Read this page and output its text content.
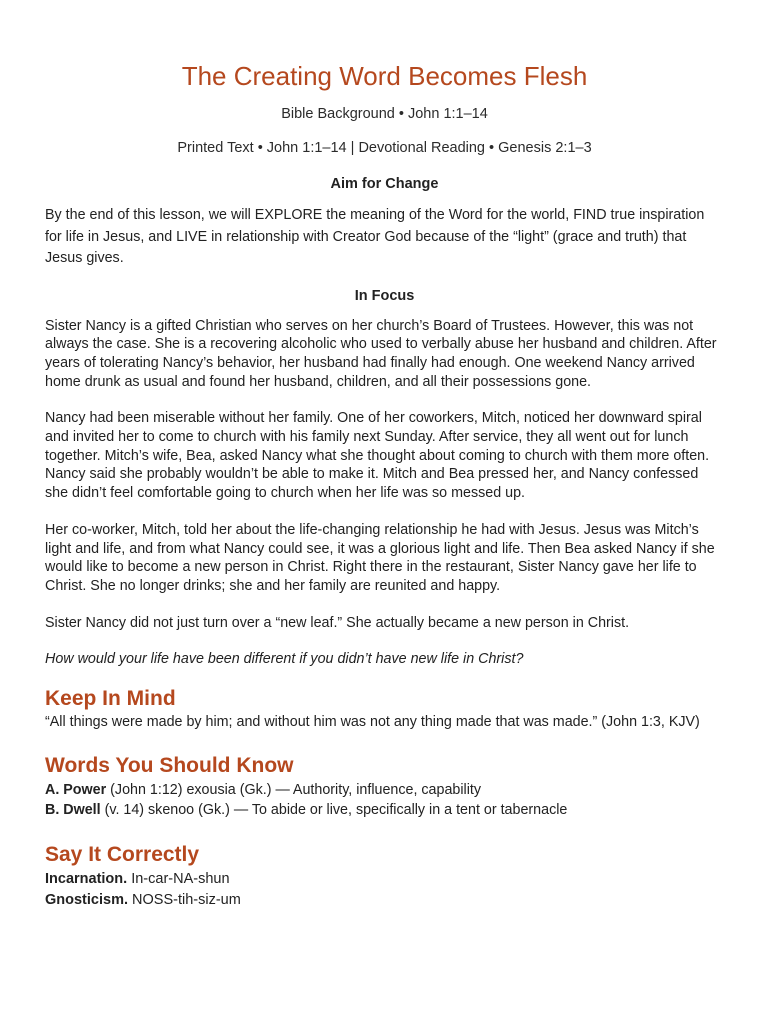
The Creating Word Becomes Flesh
Bible Background • John 1:1–14
Printed Text • John 1:1–14 | Devotional Reading • Genesis 2:1–3
Aim for Change

By the end of this lesson, we will EXPLORE the meaning of the Word for the world, FIND true inspiration for life in Jesus, and LIVE in relationship with Creator God because of the “light” (grace and truth) that Jesus gives.

In Focus

Sister Nancy is a gifted Christian who serves on her church’s Board of Trustees. However, this was not always the case. She is a recovering alcoholic who used to verbally abuse her husband and children. After years of tolerating Nancy’s behavior, her husband had finally had enough. One weekend Nancy arrived home drunk as usual and found her husband, children, and all their possessions gone.

Nancy had been miserable without her family. One of her coworkers, Mitch, noticed her downward spiral and invited her to come to church with his family next Sunday. After service, they all went out for lunch together. Mitch’s wife, Bea, asked Nancy what she thought about coming to church with them more often. Nancy said she probably wouldn’t be able to make it. Mitch and Bea pressed her, and Nancy confessed she didn’t feel comfortable going to church when her life was so messed up.

Her co-worker, Mitch, told her about the life-changing relationship he had with Jesus. Jesus was Mitch’s light and life, and from what Nancy could see, it was a glorious light and life. Then Bea asked Nancy if she would like to become a new person in Christ. Right there in the restaurant, Sister Nancy gave her life to Christ. She no longer drinks; she and her family are reunited and happy.

Sister Nancy did not just turn over a “new leaf.” She actually became a new person in Christ.

How would your life have been different if you didn’t have new life in Christ?

Keep In Mind

“All things were made by him; and without him was not any thing made that was made.” (John 1:3, KJV)

Words You Should Know

A. Power (John 1:12) exousia (Gk.) — Authority, influence, capability

B. Dwell (v. 14) skenoo (Gk.) — To abide or live, specifically in a tent or tabernacle

Say It Correctly

Incarnation. In-car-NA-shun

Gnosticism. NOSS-tih-siz-um
